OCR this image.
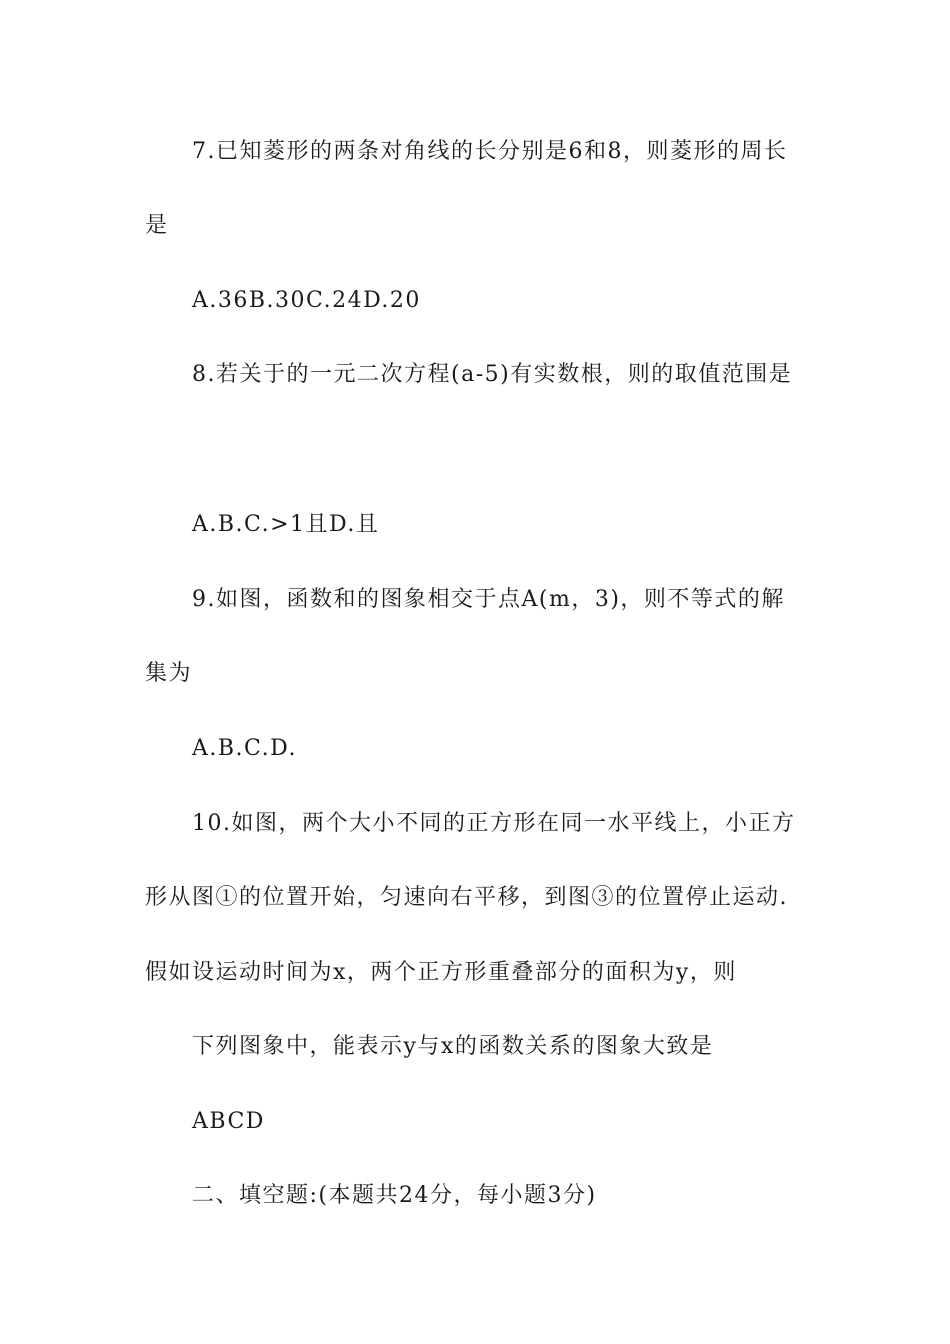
7.已知菱形的两条对角线的长分别是6和8，则菱形的周长
是
A.36B.30C.24D.20
8.若关于的一元二次方程(a-5)有实数根，则的取值范围是
A.B.C.>1且D.且
9.如图，函数和的图象相交于点A(m，3)，则不等式的解
集为
A.B.C.D.
10.如图，两个大小不同的正方形在同一水平线上，小正方
形从图①的位置开始，匀速向右平移，到图③的位置停止运动.
假如设运动时间为x，两个正方形重叠部分的面积为y，则
下列图象中，能表示y与x的函数关系的图象大致是
ABCD
二、填空题:(本题共24分，每小题3分)
